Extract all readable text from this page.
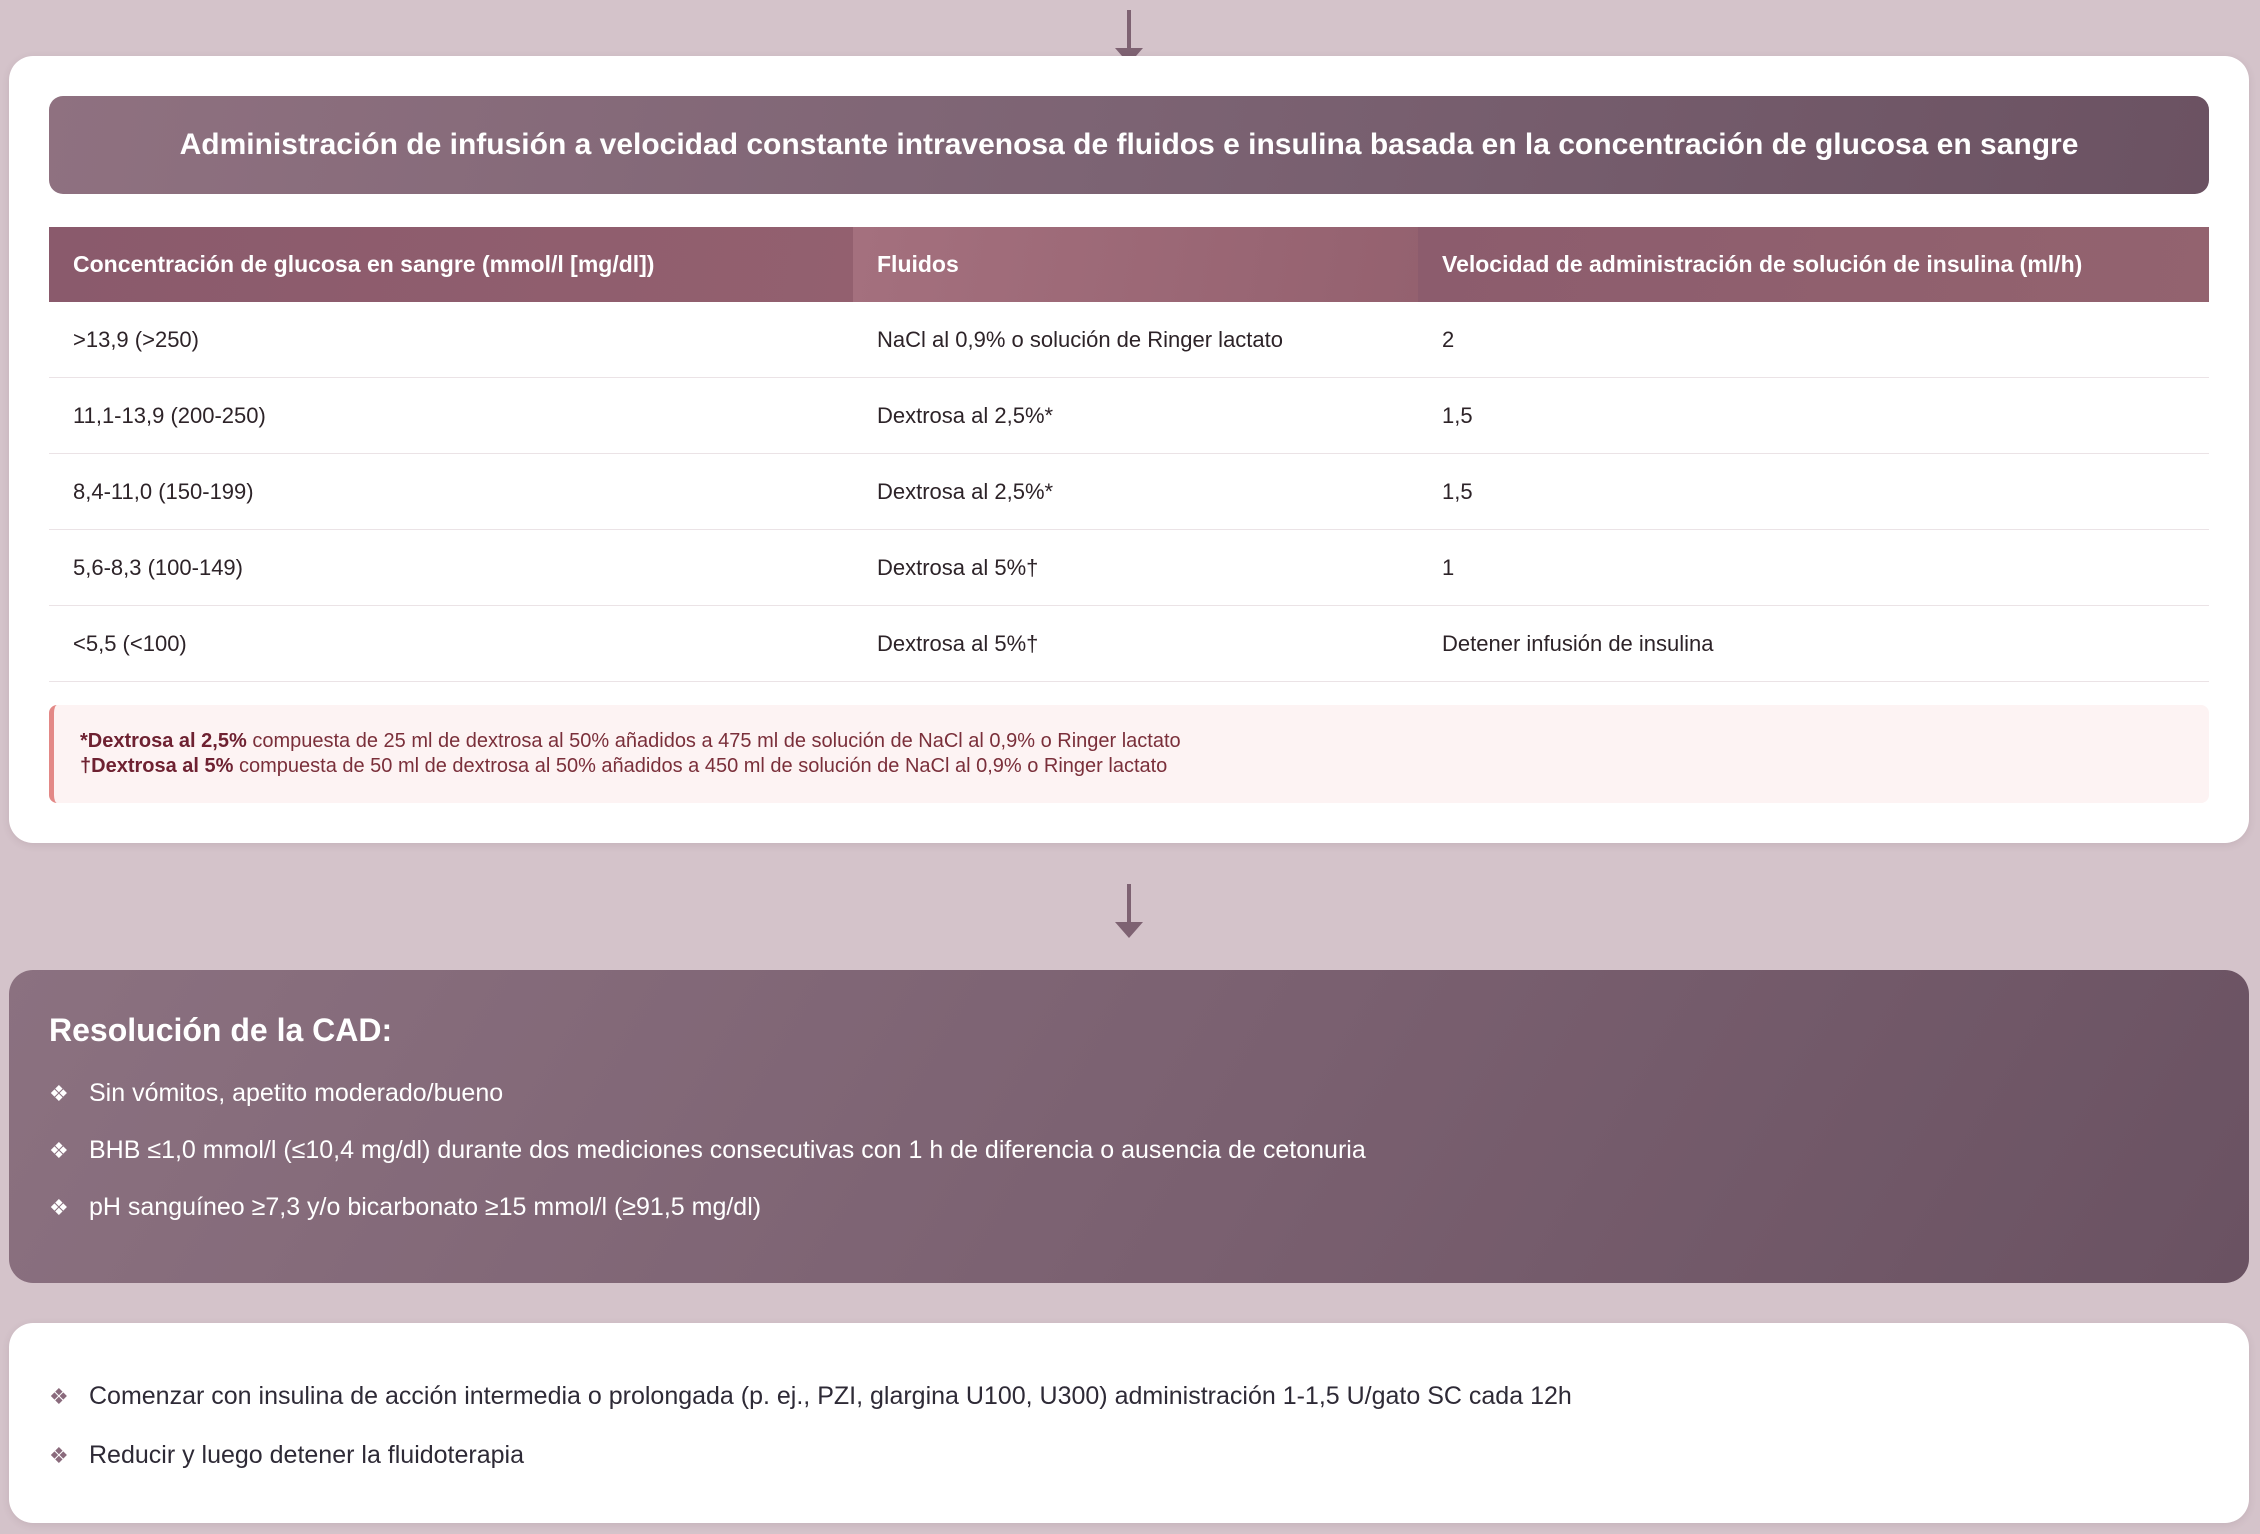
Administración de infusión a velocidad constante intravenosa de fluidos e insulina basada en la concentración de glucosa en sangre
Concentración de glucosa en sangre (mmol/l [mg/dl])	Fluidos	Velocidad de administración de solución de insulina (ml/h)
>13,9 (>250)	NaCl al 0,9% o solución de Ringer lactato	2
11,1-13,9 (200-250)	Dextrosa al 2,5%*	1,5
8,4-11,0 (150-199)	Dextrosa al 2,5%*	1,5
5,6-8,3 (100-149)	Dextrosa al 5%†	1
<5,5 (<100)	Dextrosa al 5%†	Detener infusión de insulina
*Dextrosa al 2,5% compuesta de 25 ml de dextrosa al 50% añadidos a 475 ml de solución de NaCl al 0,9% o Ringer lactato
†Dextrosa al 5% compuesta de 50 ml de dextrosa al 50% añadidos a 450 ml de solución de NaCl al 0,9% o Ringer lactato
Resolución de la CAD:
❖ Sin vómitos, apetito moderado/bueno
❖ BHB ≤1,0 mmol/l (≤10,4 mg/dl) durante dos mediciones consecutivas con 1 h de diferencia o ausencia de cetonuria
❖ pH sanguíneo ≥7,3 y/o bicarbonato ≥15 mmol/l (≥91,5 mg/dl)
❖ Comenzar con insulina de acción intermedia o prolongada (p. ej., PZI, glargina U100, U300) administración 1-1,5 U/gato SC cada 12h
❖ Reducir y luego detener la fluidoterapia
